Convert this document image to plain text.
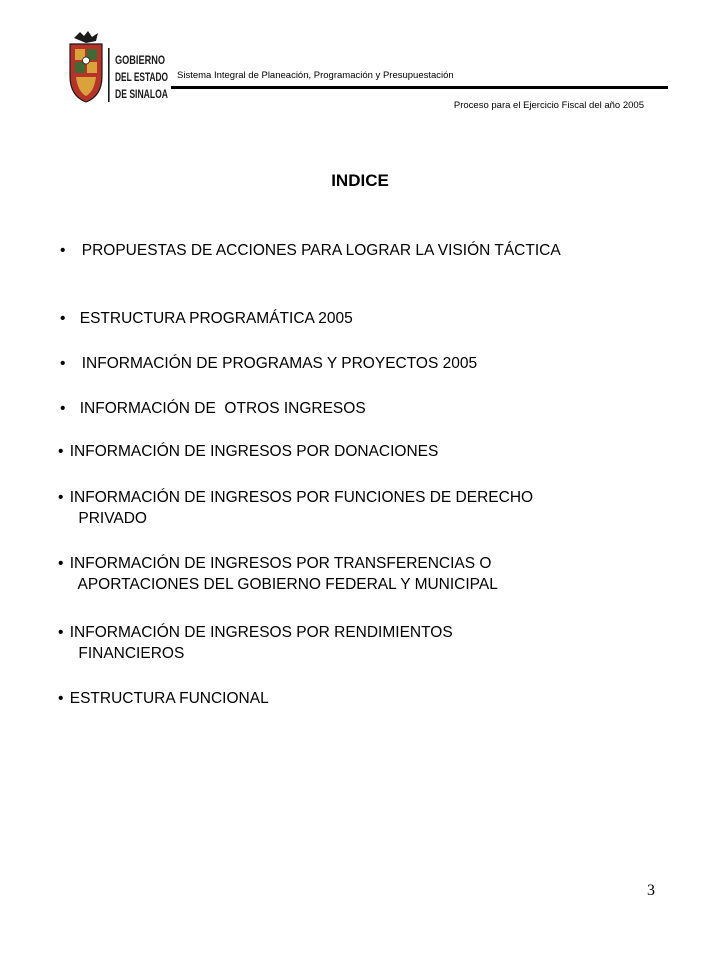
GOBIERNO
DEL ESTADO
DE SINALOA
Sistema Integral de Planeación, Programación y Presupuestación
Proceso para el Ejercicio Fiscal del año 2005
INDICE
• PROPUESTAS DE ACCIONES PARA LOGRAR LA VISIÓN TÁCTICA
• ESTRUCTURA PROGRAMÁTICA 2005
• INFORMACIÓN DE PROGRAMAS Y PROYECTOS 2005
• INFORMACIÓN DE  OTROS INGRESOS
• INFORMACIÓN DE INGRESOS POR DONACIONES
• INFORMACIÓN DE INGRESOS POR FUNCIONES DE DERECHO
PRIVADO
• INFORMACIÓN DE INGRESOS POR TRANSFERENCIAS O
APORTACIONES DEL GOBIERNO FEDERAL Y MUNICIPAL
• INFORMACIÓN DE INGRESOS POR RENDIMIENTOS
FINANCIEROS
• ESTRUCTURA FUNCIONAL
3
